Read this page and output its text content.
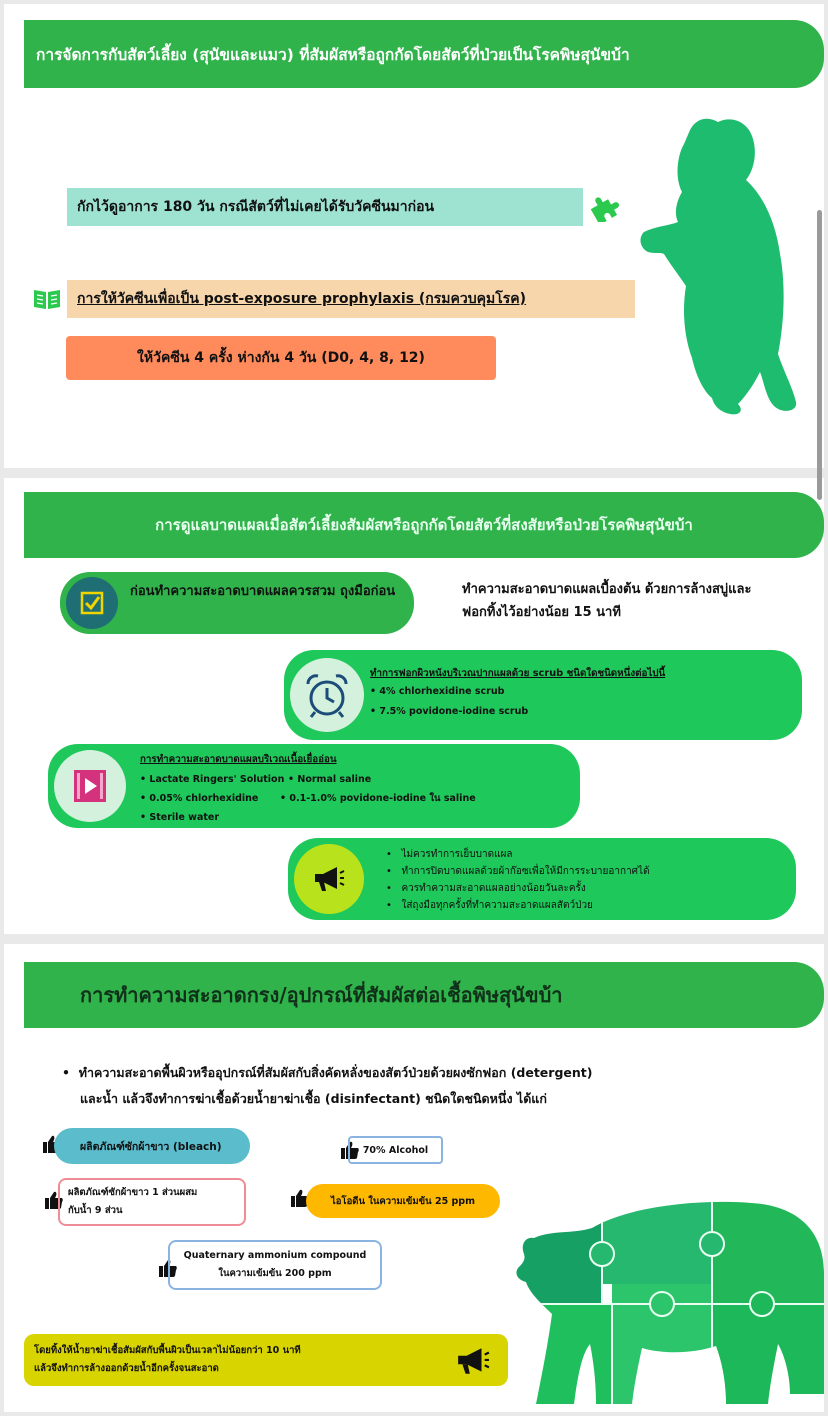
การจัดการกับสัตว์เลี้ยง (สุนัขและแมว) ที่สัมผัสหรือถูกกัดโดยสัตว์ที่ป่วยเป็นโรคพิษสุนัขบ้า
กักไว้ดูอาการ 180 วัน กรณีสัตว์ที่ไม่เคยได้รับวัคซีนมาก่อน
การให้วัคซีนเพื่อเป็น post-exposure prophylaxis (กรมควบคุมโรค)
ให้วัคซีน 4 ครั้ง ห่างกัน 4 วัน (D0, 4, 8, 12)
การดูแลบาดแผลเมื่อสัตว์เลี้ยงสัมผัสหรือถูกกัดโดยสัตว์ที่สงสัยหรือป่วยโรคพิษสุนัขบ้า
ก่อนทำความสะอาดบาดแผลควรสวม ถุงมือก่อน	ทำความสะอาดบาดแผลเบื้องต้น ด้วยการล้างสบู่และฟอกทิ้งไว้อย่างน้อย 15 นาที
ทำการฟอกผิวหนังบริเวณปากแผลด้วย scrub ชนิดใดชนิดหนึ่งต่อไปนี้
• 4% chlorhexidine scrub
• 7.5% povidone-iodine scrub
การทำความสะอาดบาดแผลบริเวณเนื้อเยื่ออ่อน
• Lactate Ringers' Solution • Normal saline
• 0.05% chlorhexidine • 0.1-1.0% povidone-iodine ใน saline
• Sterile water
•   ไม่ควรทำการเย็บบาดแผล
•   ทำการปิดบาดแผลด้วยผ้าก๊อซเพื่อให้มีการระบายอากาศได้
•   ควรทำความสะอาดแผลอย่างน้อยวันละครั้ง
•   ใส่ถุงมือทุกครั้งที่ทำความสะอาดแผลสัตว์ป่วย
การทำความสะอาดกรง/อุปกรณ์ที่สัมผัสต่อเชื้อพิษสุนัขบ้า
•  ทำความสะอาดพื้นผิวหรืออุปกรณ์ที่สัมผัสกับสิ่งคัดหลั่งของสัตว์ป่วยด้วยผงซักฟอก (detergent)
และน้ำ แล้วจึงทำการฆ่าเชื้อด้วยน้ำยาฆ่าเชื้อ (disinfectant) ชนิดใดชนิดหนึ่ง ได้แก่
ผลิตภัณฑ์ซักผ้าขาว (bleach)	70% Alcohol
ผลิตภัณฑ์ซักผ้าขาว 1 ส่วนผสม
กับน้ำ 9 ส่วน
ไอโอดีน ในความเข้มข้น 25 ppm
Quaternary ammonium compound
ในความเข้มข้น 200 ppm
โดยทิ้งให้น้ำยาฆ่าเชื้อสัมผัสกับพื้นผิวเป็นเวลาไม่น้อยกว่า 10 นาที
แล้วจึงทำการล้างออกด้วยน้ำอีกครั้งจนสะอาด
